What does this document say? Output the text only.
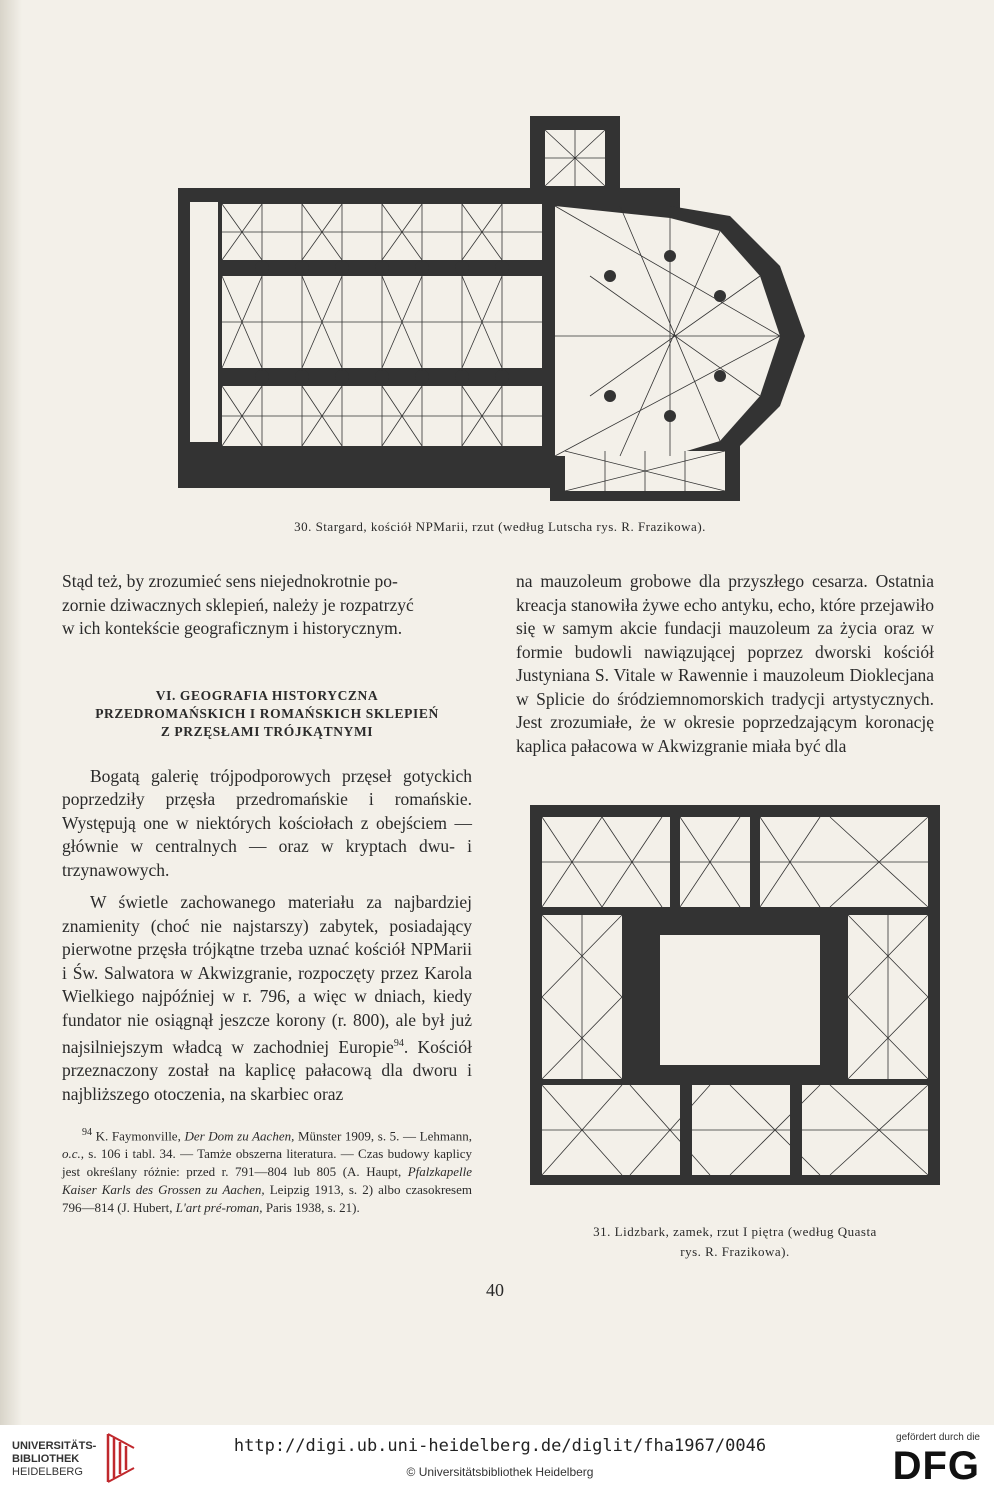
30. Stargard, kościół NPMarii, rzut (według Lutscha rys. R. Frazikowa).
31. Lidzbark, zamek, rzut I piętra (według Quasta
rys. R. Frazikowa).

Stąd też, by zrozumieć sens niejednokrotnie po-

zornie dziwacznych sklepień, należy je rozpatrzyć

w ich kontekście geograficznym i historycznym.

VI. GEOGRAFIA HISTORYCZNA
PRZEDROMAŃSKICH I ROMAŃSKICH SKLEPIEŃ
Z PRZĘSŁAMI TRÓJKĄTNYMI

Bogatą galerię trójpodporowych przęseł gotyckich poprzedziły przęsła przedromańskie i romańskie. Występują one w niektórych kościołach z obejściem — głównie w centralnych — oraz w kryptach dwu- i trzynawowych.

W świetle zachowanego materiału za najbardziej znamienity (choć nie najstarszy) zabytek, posiadający pierwotne przęsła trójkątne trzeba uznać kościół NPMarii i Św. Salwatora w Akwizgranie, rozpoczęty przez Karola Wielkiego najpóźniej w r. 796, a więc w dniach, kiedy fundator nie osiągnął jeszcze korony (r. 800), ale był już najsilniejszym władcą w zachodniej Europie$^{94}$. Kościół przeznaczony został na kaplicę pałacową dla dworu i najbliższego otoczenia, na skarbiec oraz

$^{94}$ K. Faymonville, Der Dom zu Aachen, Münster 1909, s. 5. — Lehmann, o.c., s. 106 i tabl. 34. — Tamże obszerna literatura. — Czas budowy kaplicy jest określany różnie: przed r. 791—804 lub 805 (A. Haupt, Pfalzkapelle Kaiser Karls des Grossen zu Aachen, Leipzig 1913, s. 2) albo czasokresem 796—814 (J. Hubert, L'art pré-roman, Paris 1938, s. 21).

na mauzoleum grobowe dla przyszłego cesarza. Ostatnia kreacja stanowiła żywe echo antyku, echo, które przejawiło się w samym akcie fundacji mauzoleum za życia oraz w formie budowli nawiązującej poprzez dworski kościół Justyniana S. Vitale w Rawennie i mauzoleum Dioklecjana w Splicie do śródziemnomorskich tradycji artystycznych. Jest zrozumiałe, że w okresie poprzedzającym koronację kaplica pałacowa w Akwizgranie miała być dla

40
UNIVERSITÄTS-
BIBLIOTHEK
HEIDELBERG
http://digi.ub.uni-heidelberg.de/diglit/fha1967/0046
© Universitätsbibliothek Heidelberg
gefördert durch die
DFG
